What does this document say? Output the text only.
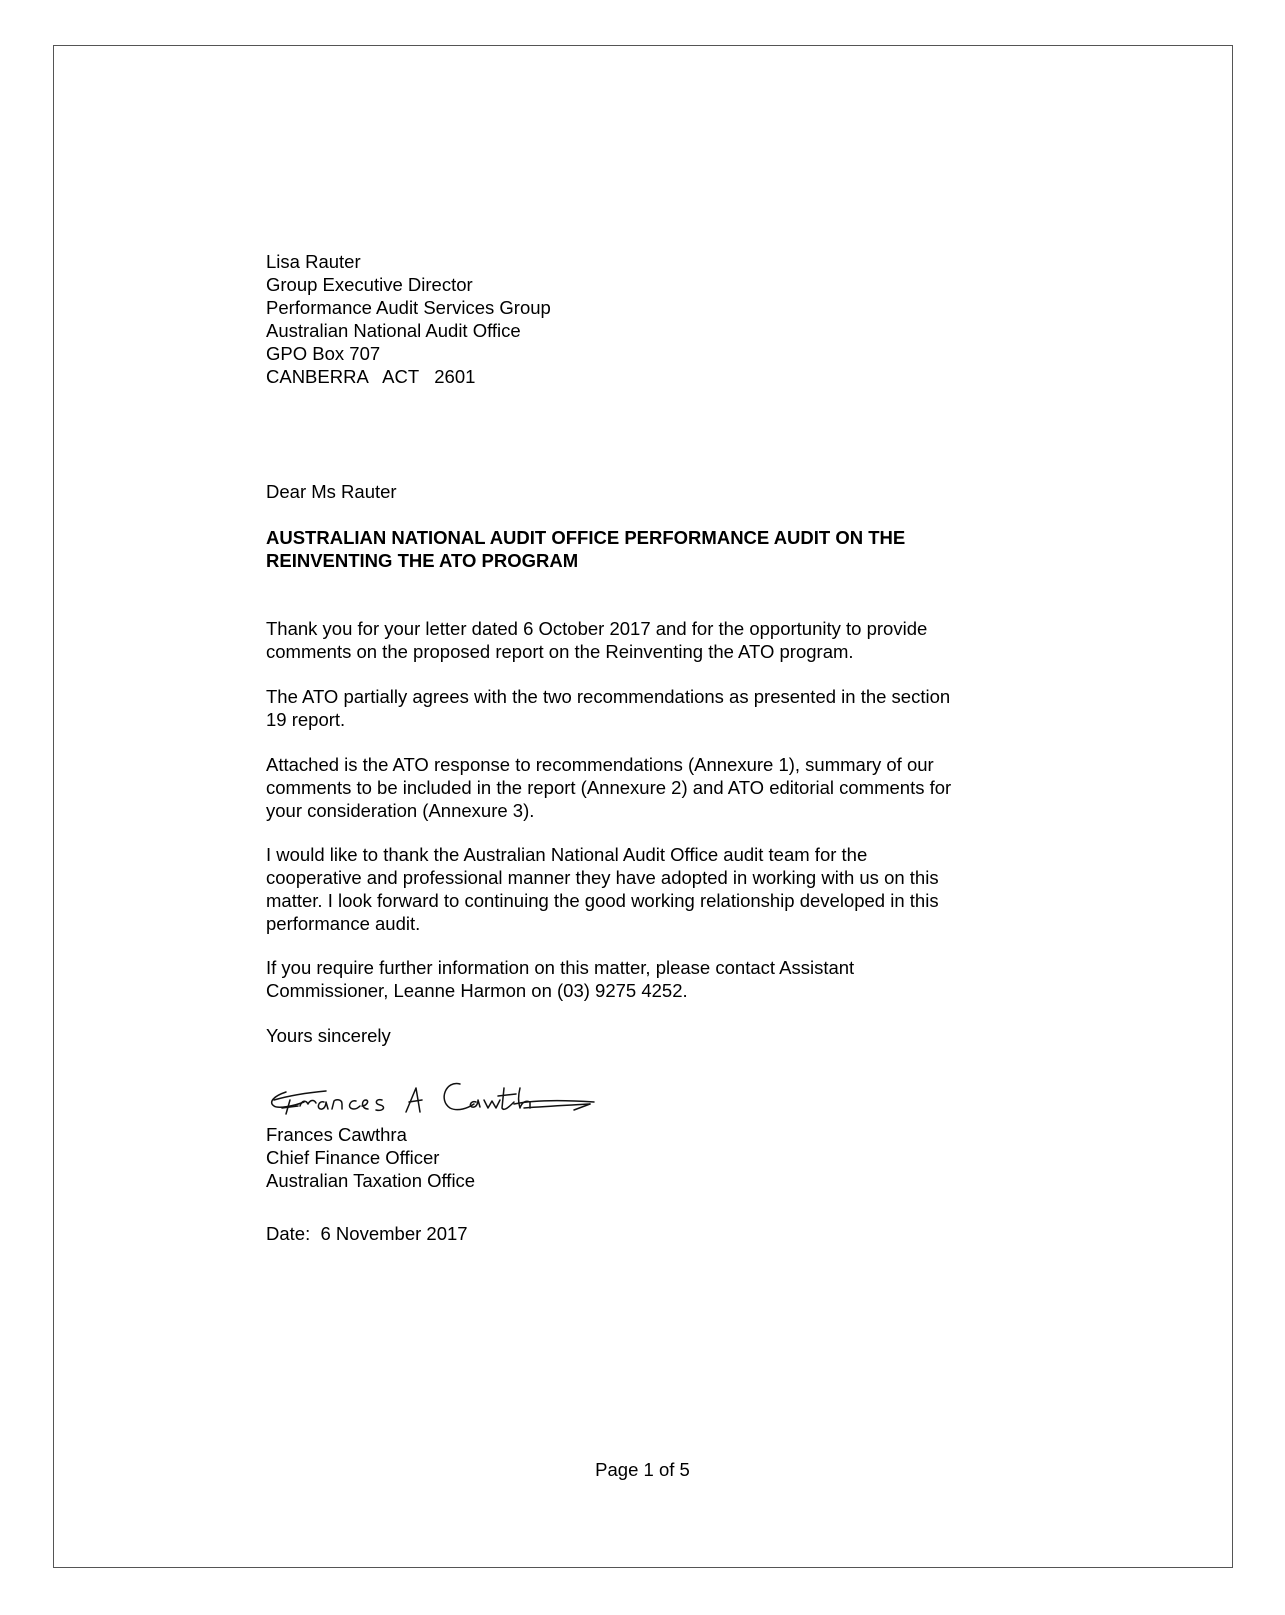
Lisa Rauter
Group Executive Director
Performance Audit Services Group
Australian National Audit Office
GPO Box 707
CANBERRA   ACT   2601
Dear Ms Rauter
AUSTRALIAN NATIONAL AUDIT OFFICE PERFORMANCE AUDIT ON THE
REINVENTING THE ATO PROGRAM
Thank you for your letter dated 6 October 2017 and for the opportunity to provide
comments on the proposed report on the Reinventing the ATO program.
The ATO partially agrees with the two recommendations as presented in the section
19 report.
Attached is the ATO response to recommendations (Annexure 1), summary of our
comments to be included in the report (Annexure 2) and ATO editorial comments for
your consideration (Annexure 3).
I would like to thank the Australian National Audit Office audit team for the
cooperative and professional manner they have adopted in working with us on this
matter. I look forward to continuing the good working relationship developed in this
performance audit.
If you require further information on this matter, please contact Assistant
Commissioner, Leanne Harmon on (03) 9275 4252.
Yours sincerely
Frances Cawthra
Chief Finance Officer
Australian Taxation Office
Date:  6 November 2017
Page 1 of 5
